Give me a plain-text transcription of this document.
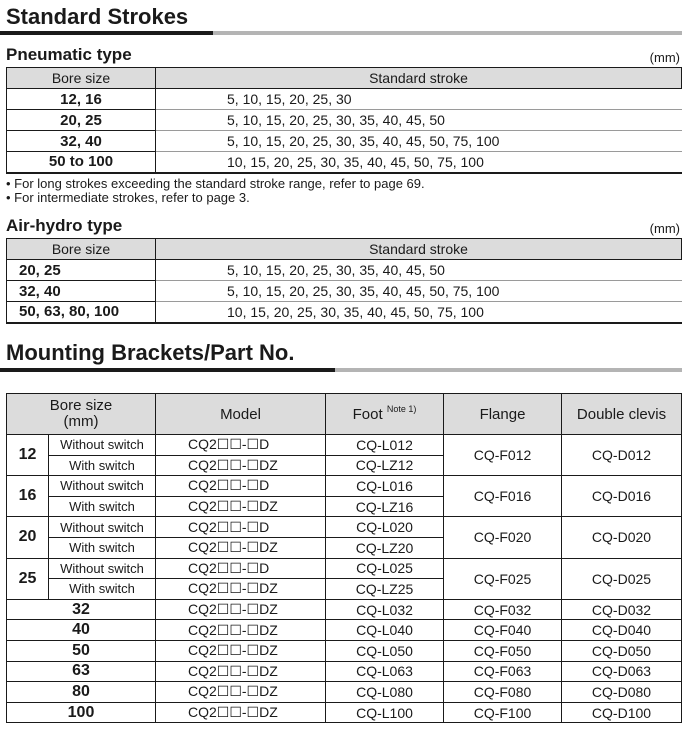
Standard Strokes
Pneumatic type	(mm)
Bore size	Standard stroke
12, 16	5, 10, 15, 20, 25, 30
20, 25	5, 10, 15, 20, 25, 30, 35, 40, 45, 50
32, 40	5, 10, 15, 20, 25, 30, 35, 40, 45, 50, 75, 100
50 to 100	10, 15, 20, 25, 30, 35, 40, 45, 50, 75, 100
• For long strokes exceeding the standard stroke range, refer to page 69.
• For intermediate strokes, refer to page 3.
Air-hydro type	(mm)
Bore size	Standard stroke
20, 25	5, 10, 15, 20, 25, 30, 35, 40, 45, 50
32, 40	5, 10, 15, 20, 25, 30, 35, 40, 45, 50, 75, 100
50, 63, 80, 100	10, 15, 20, 25, 30, 35, 40, 45, 50, 75, 100
Mounting Brackets/Part No.
Bore size
(mm)		Model	Foot $^{Note 1)}$	Flange	Double clevis
12	Without switch	CQ2☐☐-☐D	CQ-L012	CQ-F012	CQ-D012
	With switch	CQ2☐☐-☐DZ	CQ-LZ12		
16	Without switch	CQ2☐☐-☐D	CQ-L016	CQ-F016	CQ-D016
	With switch	CQ2☐☐-☐DZ	CQ-LZ16		
20	Without switch	CQ2☐☐-☐D	CQ-L020	CQ-F020	CQ-D020
	With switch	CQ2☐☐-☐DZ	CQ-LZ20		
25	Without switch	CQ2☐☐-☐D	CQ-L025	CQ-F025	CQ-D025
	With switch	CQ2☐☐-☐DZ	CQ-LZ25		
32		CQ2☐☐-☐DZ	CQ-L032	CQ-F032	CQ-D032
40		CQ2☐☐-☐DZ	CQ-L040	CQ-F040	CQ-D040
50		CQ2☐☐-☐DZ	CQ-L050	CQ-F050	CQ-D050
63		CQ2☐☐-☐DZ	CQ-L063	CQ-F063	CQ-D063
80		CQ2☐☐-☐DZ	CQ-L080	CQ-F080	CQ-D080
100		CQ2☐☐-☐DZ	CQ-L100	CQ-F100	CQ-D100
